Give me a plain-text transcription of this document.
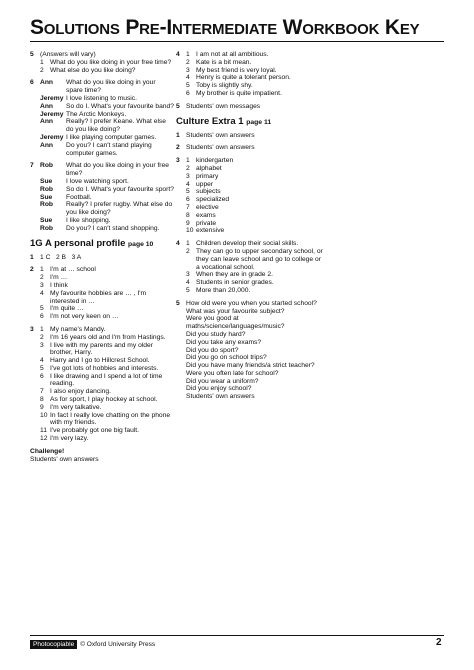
Solutions Pre-Intermediate Workbook Key
5 (Answers will vary)
1 What do you like doing in your free time?
2 What else do you like doing?
6 Ann	What do you like doing in your spare time?
Jeremy I love listening to music.
Ann	So do I. What's your favourite band?
Jeremy The Arctic Monkeys.
Ann	Really? I prefer Keane. What else do you like doing?
Jeremy I like playing computer games.
Ann	Do you? I can't stand playing computer games.
7 Rob	What do you like doing in your free time?
Sue	I love watching sport.
Rob	So do I. What's your favourite sport?
Sue	Football.
Rob	Really? I prefer rugby. What else do you like doing?
Sue	I like shopping.
Rob	Do you? I can't stand shopping.
1G A personal profile page 10
1 1 C   2 B   3 A
2 1 I'm at … school
2 I'm …
3 I think
4 My favourite hobbies are … , I'm interested in …
5 I'm quite …
6 I'm not very keen on …
3 1 My name's Mandy.
2 I'm 16 years old and I'm from Hastings.
3 I live with my parents and my older brother, Harry.
4 Harry and I go to Hillcrest School.
5 I've got lots of hobbies and interests.
6 I like drawing and I spend a lot of time reading.
7 I also enjoy dancing.
8 As for sport, I play hockey at school.
9 I'm very talkative.
10 In fact I really love chatting on the phone with my friends.
11 I've probably got one big fault.
12 I'm very lazy.
Challenge!
Students' own answers
4 1 I am not at all ambitious.
2 Kate is a bit mean.
3 My best friend is very loyal.
4 Henry is quite a tolerant person.
5 Toby is slightly shy.
6 My brother is quite impatient.
5 Students' own messages
Culture Extra 1 page 11
1 Students' own answers
2 Students' own answers
3 1 kindergarten
2 alphabet
3 primary
4 upper
5 subjects
6 specialized
7 elective
8 exams
9 private
10 extensive
4 1 Children develop their social skills.
2 They can go to upper secondary school, or they can leave school and go to college or a vocational school.
3 When they are in grade 2.
4 Students in senior grades.
5 More than 20,000.
5 How old were you when you started school?
What was your favourite subject?
Were you good at maths/science/languages/music?
Did you study hard?
Did you take any exams?
Did you do sport?
Did you go on school trips?
Did you have many friends/a strict teacher?
Were you often late for school?
Did you wear a uniform?
Did you enjoy school?
Students' own answers
Photocopiable © Oxford University Press	2
